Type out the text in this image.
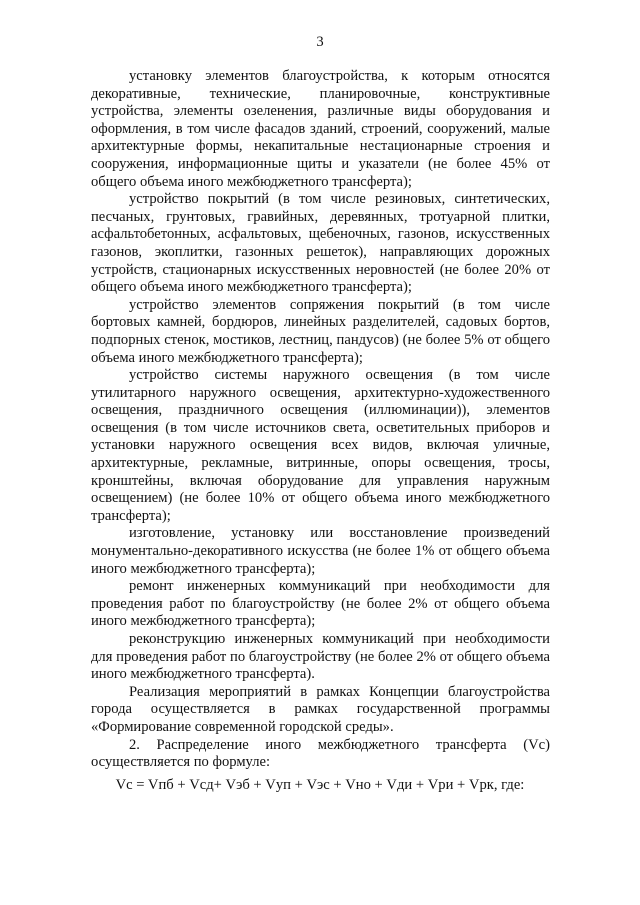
3

установку элементов благоустройства, к которым относятся декоративные, технические, планировочные, конструктивные устройства, элементы озеленения, различные виды оборудования и оформления, в том числе фасадов зданий, строений, сооружений, малые архитектурные формы, некапитальные нестационарные строения и сооружения, информационные щиты и указатели (не более 45% от общего объема иного межбюджетного трансферта);

устройство покрытий (в том числе резиновых, синтетических, песчаных, грунтовых, гравийных, деревянных, тротуарной плитки, асфальтобетонных, асфальтовых, щебеночных, газонов, искусственных газонов, экоплитки, газонных решеток), направляющих дорожных устройств, стационарных искусственных неровностей (не более 20% от общего объема иного межбюджетного трансферта);

устройство элементов сопряжения покрытий (в том числе бортовых камней, бордюров, линейных разделителей, садовых бортов, подпорных стенок, мостиков, лестниц, пандусов) (не более 5% от общего объема иного межбюджетного трансферта);

устройство системы наружного освещения (в том числе утилитарного наружного освещения, архитектурно-художественного освещения, праздничного освещения (иллюминации)), элементов освещения (в том числе источников света, осветительных приборов и установки наружного освещения всех видов, включая уличные, архитектурные, рекламные, витринные, опоры освещения, тросы, кронштейны, включая оборудование для управления наружным освещением) (не более 10% от общего объема иного межбюджетного трансферта);

изготовление, установку или восстановление произведений монументально-декоративного искусства (не более 1% от общего объема иного межбюджетного трансферта);

ремонт инженерных коммуникаций при необходимости для проведения работ по благоустройству (не более 2% от общего объема иного межбюджетного трансферта);

реконструкцию инженерных коммуникаций при необходимости для проведения работ по благоустройству (не более 2% от общего объема иного межбюджетного трансферта).

Реализация мероприятий в рамках Концепции благоустройства города осуществляется в рамках государственной программы «Формирование современной городской среды».

2. Распределение иного межбюджетного трансферта (Vc) осуществляется по формуле:

Vc = Vпб + Vсд+ Vэб + Vуп + Vэс + Vно + Vди + Vри + Vрк, где:
